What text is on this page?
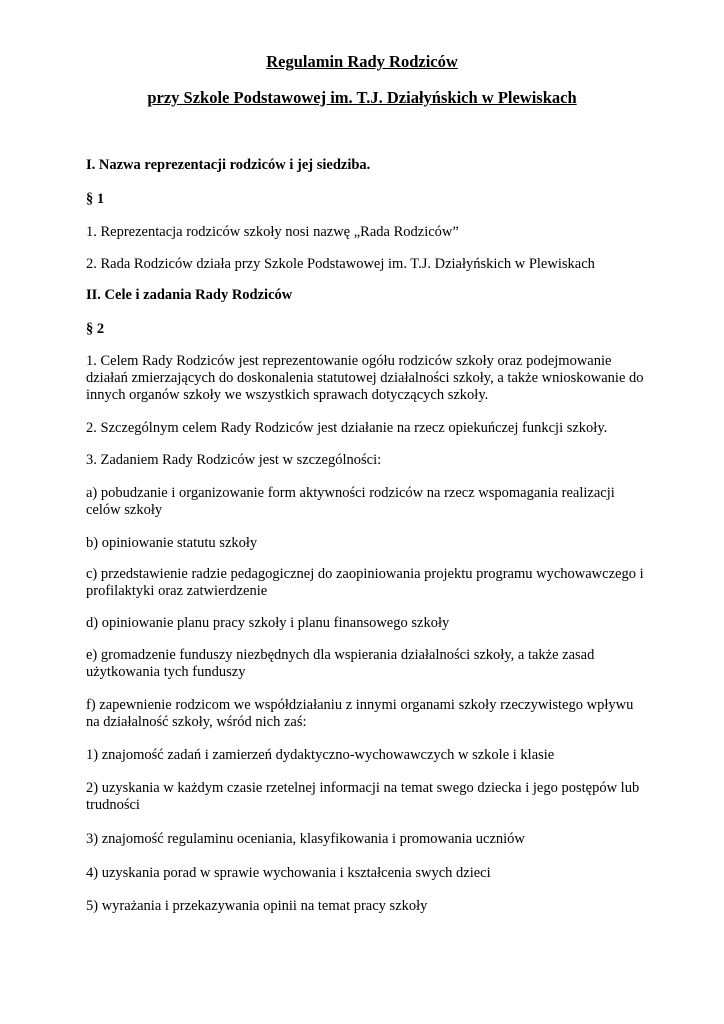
Regulamin Rady Rodziców

przy Szkole Podstawowej im. T.J. Działyńskich w Plewiskach

I. Nazwa reprezentacji rodziców i jej siedziba.

§ 1

1. Reprezentacja rodziców szkoły nosi nazwę „Rada Rodziców”

2. Rada Rodziców działa przy Szkole Podstawowej im. T.J. Działyńskich w Plewiskach

II. Cele i zadania Rady Rodziców

§ 2

1. Celem Rady Rodziców jest reprezentowanie ogółu rodziców szkoły oraz podejmowanie działań zmierzających do doskonalenia statutowej działalności szkoły, a także wnioskowanie do innych organów szkoły we wszystkich sprawach dotyczących szkoły.

2. Szczególnym celem Rady Rodziców jest działanie na rzecz opiekuńczej funkcji szkoły.

3. Zadaniem Rady Rodziców jest w szczególności:

a) pobudzanie i organizowanie form aktywności rodziców na rzecz wspomagania realizacji celów szkoły

b) opiniowanie statutu szkoły

c) przedstawienie radzie pedagogicznej do zaopiniowania projektu programu wychowawczego i profilaktyki oraz zatwierdzenie

d) opiniowanie planu pracy szkoły i planu finansowego szkoły

e) gromadzenie funduszy niezbędnych dla wspierania działalności szkoły, a także zasad użytkowania tych funduszy

f) zapewnienie rodzicom we współdziałaniu z innymi organami szkoły rzeczywistego wpływu na działalność szkoły, wśród nich zaś:

1) znajomość zadań i zamierzeń dydaktyczno-wychowawczych w szkole i klasie

2) uzyskania w każdym czasie rzetelnej informacji na temat swego dziecka i jego postępów lub trudności

3) znajomość regulaminu oceniania, klasyfikowania i promowania uczniów

4) uzyskania porad w sprawie wychowania i kształcenia swych dzieci

5) wyrażania i przekazywania opinii na temat pracy szkoły
